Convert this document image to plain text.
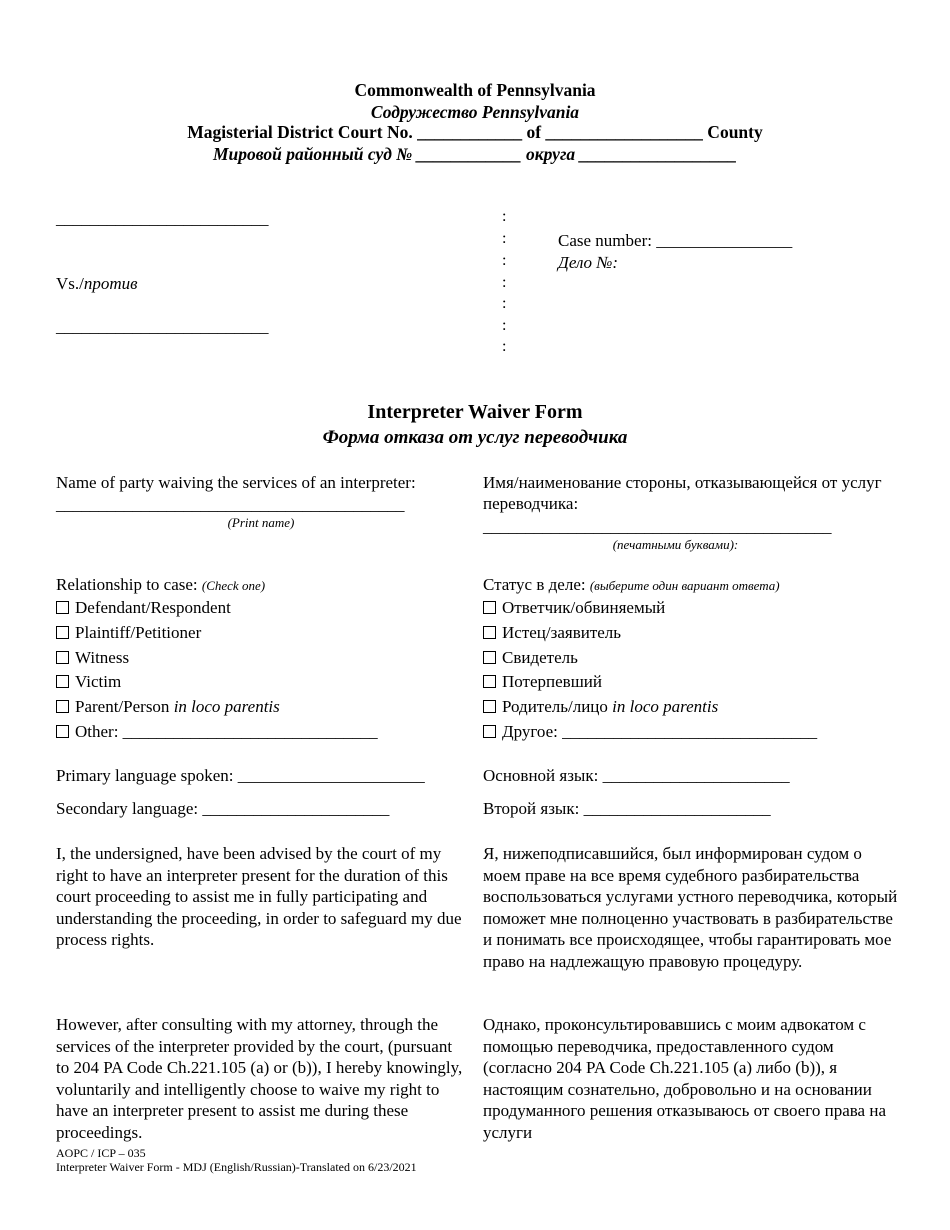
Commonwealth of Pennsylvania
Содружество Pennsylvania
Magisterial District Court No. ____________ of __________________ County
Мировой районный суд № ____________ округа __________________
_________________________
Vs./против
_________________________
:
:
:
:
:
:
:
Case number: ________________
Дело №:
Interpreter Waiver Form
Форма отказа от услуг переводчика
Name of party waiving the services of an interpreter:
_________________________________________
(Print name)
Имя/наименование стороны, отказывающейся от услуг переводчика:
_________________________________________
(печатными буквами):
Relationship to case: (Check one)
Defendant/Respondent
Plaintiff/Petitioner
Witness
Victim
Parent/Person in loco parentis
Other: ______________________________
Статус в деле: (выберите один вариант ответа)
Ответчик/обвиняемый
Истец/заявитель
Свидетель
Потерпевший
Родитель/лицо in loco parentis
Другое: ______________________________
Primary language spoken: ______________________
Secondary language: ______________________
Основной язык: ______________________
Второй язык: ______________________
I, the undersigned, have been advised by the court of my right to have an interpreter present for the duration of this court proceeding to assist me in fully participating and understanding the proceeding, in order to safeguard my due process rights.
Я, нижеподписавшийся, был информирован судом о моем праве на все время судебного разбирательства воспользоваться услугами устного переводчика, который поможет мне полноценно участвовать в разбирательстве и понимать все происходящее, чтобы гарантировать мое право на надлежащую правовую процедуру.
However, after consulting with my attorney, through the services of the interpreter provided by the court, (pursuant to 204 PA Code Ch.221.105 (a) or (b)), I hereby knowingly, voluntarily and intelligently choose to waive my right to have an interpreter present to assist me during these proceedings.
Однако, проконсультировавшись с моим адвокатом с помощью переводчика, предоставленного судом (согласно 204 PA Code Ch.221.105 (a) либо (b)), я настоящим сознательно, добровольно и на основании продуманного решения отказываюсь от своего права на услуги
AOPC / ICP – 035
Interpreter Waiver Form - MDJ (English/Russian)-Translated on 6/23/2021
